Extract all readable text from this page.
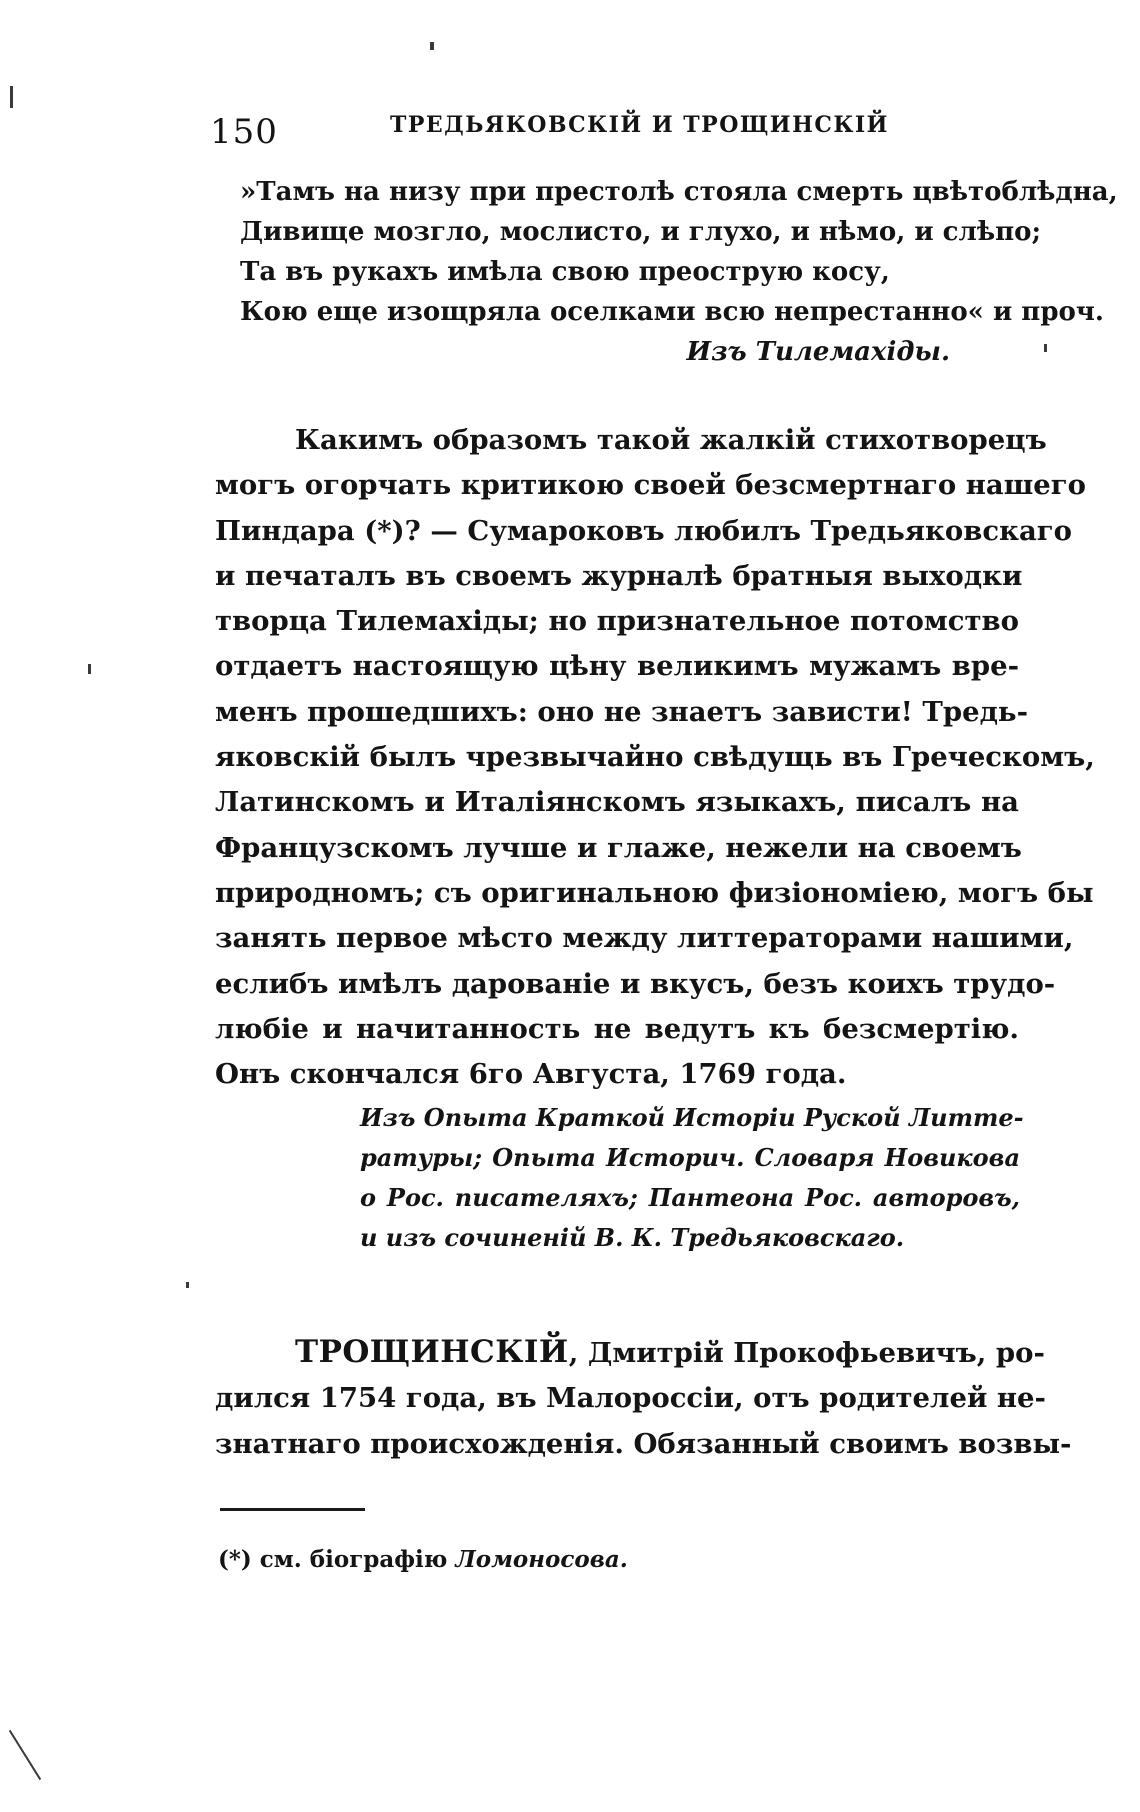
150	ТРЕДЬЯКОВСКІЙ И ТРОЩИНСКІЙ
»Тамъ на низу при престолѣ стояла смерть цвѣтоблѣдна,
Дивище мозгло, мослисто, и глухо, и нѣмо, и слѣпо;
Та въ рукахъ имѣла свою преострую косу,
Кою еще изощряла оселками всю непрестанно« и проч.
Изъ Тилемахіды.
Какимъ образомъ такой жалкій стихотворецъ
могъ огорчать критикою своей безсмертнаго нашего
Пиндара (*)? — Сумароковъ любилъ Тредьяковскаго
и печаталъ въ своемъ журналѣ братныя выходки
творца Тилемахіды; но признательное потомство
отдаетъ настоящую цѣну великимъ мужамъ вре-
менъ прошедшихъ: оно не знаетъ зависти! Тредь-
яковскій былъ чрезвычайно свѣдущь въ Греческомъ,
Латинскомъ и Италіянскомъ языкахъ, писалъ на
Французскомъ лучше и глаже, нежели на своемъ
природномъ; съ оригинальною физіономіею, могъ бы
занять первое мѣсто между литтераторами нашими,
еслибъ имѣлъ дарованіе и вкусъ, безъ коихъ трудо-
любіе и начитанность не ведутъ къ безсмертію.
Онъ скончался 6го Августа, 1769 года.
Изъ Опыта Краткой Исторіи Руской Литте-
ратуры; Опыта Историч. Словаря Новикова
о Рос. писателяхъ; Пантеона Рос. авторовъ,
и изъ сочиненій В. К. Тредьяковскаго.
ТРОЩИНСКІЙ, Дмитрій Прокофьевичъ, ро-
дился 1754 года, въ Малороссіи, отъ родителей не-
знатнаго происхожденія. Обязанный своимъ возвы-
(*) см. біографію Ломоносова.
